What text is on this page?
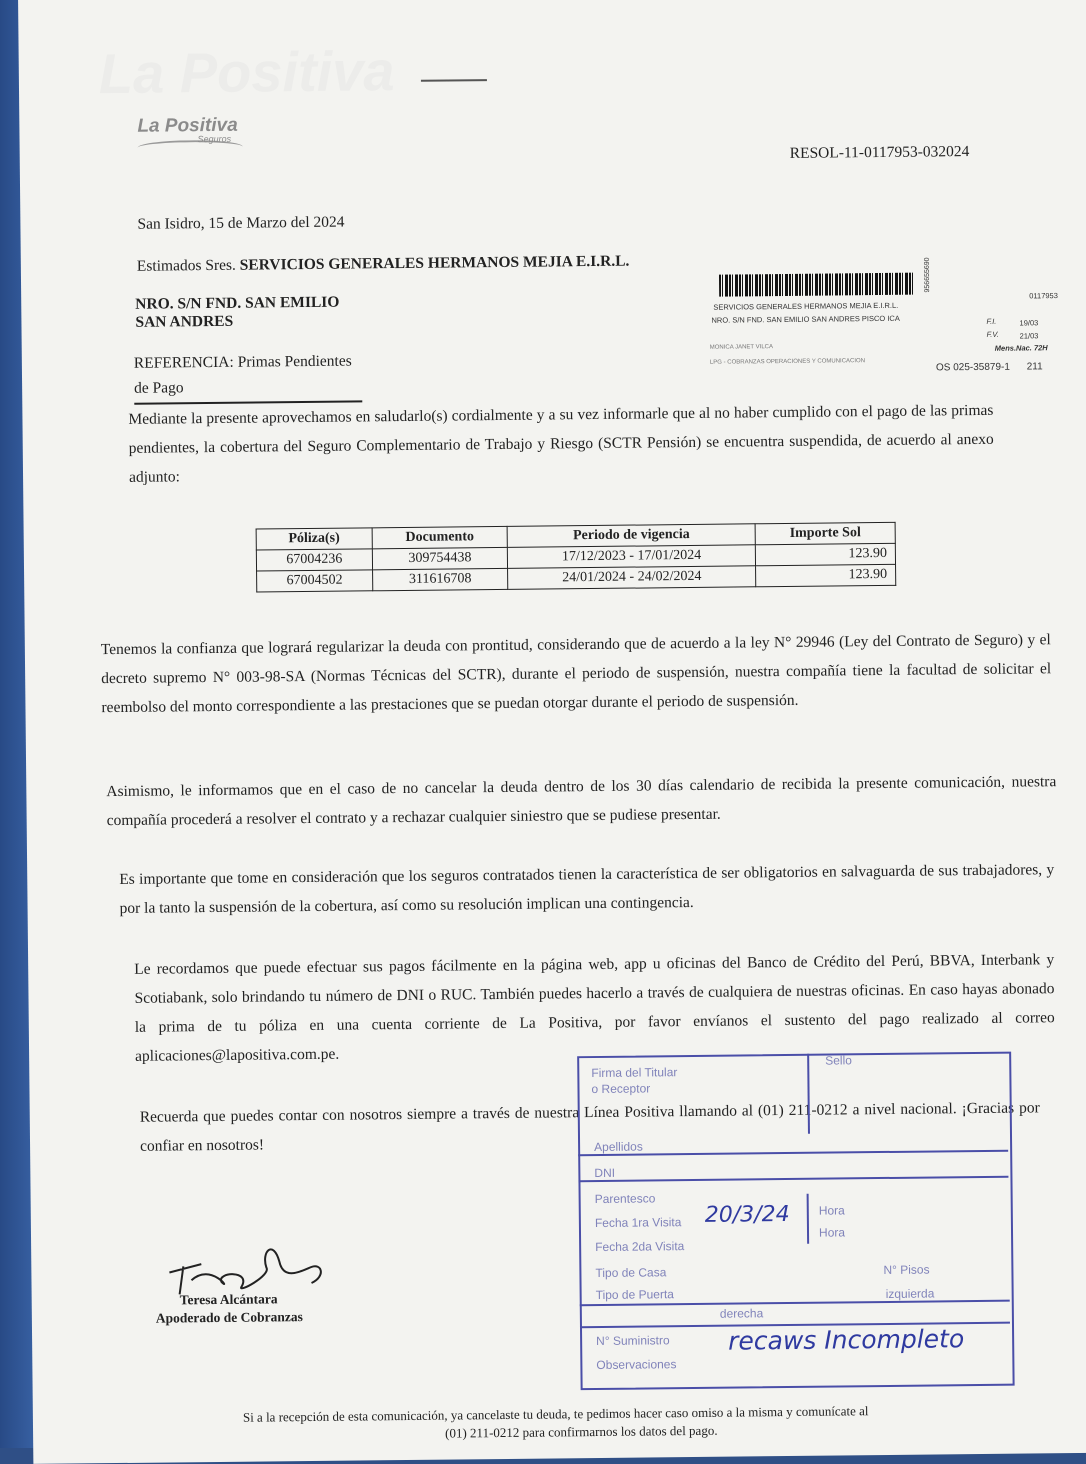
La Positiva
La Positiva
Seguros
RESOL-11-0117953-032024
San Isidro, 15 de Marzo del 2024
Estimados Sres. SERVICIOS GENERALES HERMANOS MEJIA E.I.R.L.
NRO. S/N FND. SAN EMILIO
SAN ANDRES
REFERENCIA: Primas Pendientes de Pago
956655690
SERVICIOS GENERALES HERMANOS MEJIA E.I.R.L.
NRO. S/N FND. SAN EMILIO SAN ANDRES PISCO ICA
0117953
F.I.	19/03
F.V.	21/03
Mens.Nac. 72H
MONICA JANET VILCA
LPG - COBRANZAS OPERACIONES Y COMUNICACION
OS 025-35879-1 211
Mediante la presente aprovechamos en saludarlo(s) cordialmente y a su vez informarle que al no haber cumplido con el pago de las primas pendientes, la cobertura del Seguro Complementario de Trabajo y Riesgo (SCTR Pensión) se encuentra suspendida, de acuerdo al anexo adjunto:
Póliza(s)	Documento	Periodo de vigencia	Importe Sol
67004236	309754438	17/12/2023 - 17/01/2024	123.90
67004502	311616708	24/01/2024 - 24/02/2024	123.90
Tenemos la confianza que logrará regularizar la deuda con prontitud, considerando que de acuerdo a la ley N° 29946 (Ley del Contrato de Seguro) y el decreto supremo N° 003-98-SA (Normas Técnicas del SCTR), durante el periodo de suspensión, nuestra compañía tiene la facultad de solicitar el reembolso del monto correspondiente a las prestaciones que se puedan otorgar durante el periodo de suspensión.
Asimismo, le informamos que en el caso de no cancelar la deuda dentro de los 30 días calendario de recibida la presente comunicación, nuestra compañía procederá a resolver el contrato y a rechazar cualquier siniestro que se pudiese presentar.
Es importante que tome en consideración que los seguros contratados tienen la característica de ser obligatorios en salvaguarda de sus trabajadores, y por la tanto la suspensión de la cobertura, así como su resolución implican una contingencia.
Le recordamos que puede efectuar sus pagos fácilmente en la página web, app u oficinas del Banco de Crédito del Perú, BBVA, Interbank y Scotiabank, solo brindando tu número de DNI o RUC. También puedes hacerlo a través de cualquiera de nuestras oficinas. En caso hayas abonado la prima de tu póliza en una cuenta corriente de La Positiva, por favor envíanos el sustento del pago realizado al correo aplicaciones@lapositiva.com.pe.
Recuerda que puedes contar con nosotros siempre a través de nuestra Línea Positiva llamando al (01) 211-0212 a nivel nacional. ¡Gracias por confiar en nosotros!
Teresa Alcántara
Apoderado de Cobranzas
Firma del Titular
o Receptor
Sello
Apellidos
DNI
Parentesco
Fecha 1ra Visita 20/3/24 Hora
Fecha 2da Visita
Hora
Tipo de Casa	N° Pisos
Tipo de Puerta
derecha
izquierda
N° Suministro
Observaciones
recaws Incompleto
Si a la recepción de esta comunicación, ya cancelaste tu deuda, te pedimos hacer caso omiso a la misma y comunícate al
(01) 211-0212 para confirmarnos los datos del pago.
